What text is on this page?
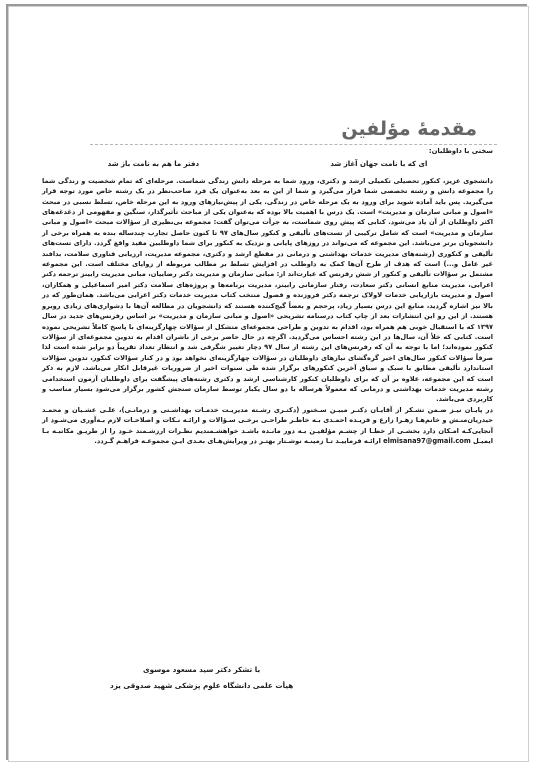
مقدمهٔ مؤلفین
سخنی با داوطلبان:
ای که با نامت جهان آغاز شد
دفتر ما هم به نامت باز شد

دانشجوی عزیز، کنکور تحصیلی تکمیلی ارشد و دکتری، ورود شما به مرحله دانش زندگی شماست. مرحله‌ای که تمام شخصیت و زندگی شما را مجموعه دانش و رشته تخصصی شما قرار می‌گیرد و شما از این به بعد به‌عنوان یک فرد صاحب‌نظر در یک رشته خاص مورد توجه قرار می‌گیرید. پس باید آماده شوید برای ورود به یک مرحله خاص در زندگی. یکی از پیش‌نیازهای ورود به این مرحله خاص، تسلط نسبی در مبحث «اصول و مبانی سازمان و مدیریت» است. یک درس با اهمیت بالا بوده که به‌عنوان یکی از مباحث تأثیرگذار، سنگین و مفهومی از دغدغه‌های اکثر داوطلبان از آن یاد می‌شود. کتابی که پیش روی شماست، به جرأت می‌توان گفت: مجموعه بی‌نظیری از سؤالات مبحث «اصول و مبانی سازمان و مدیریت» است که شامل ترکیبی از تست‌های تألیفی و کنکور سال‌های ۹۷ تا کنون حاصل تجارب چندساله بنده به همراه برخی از دانشجویان برتر می‌باشد. این مجموعه که می‌تواند در روزهای پایانی و نزدیک به کنکور برای شما داوطلبین مفید واقع گردد. دارای تست‌های تألیفی و کنکوری (رشته‌های مدیریت خدمات بهداشتی و درمانی در مقطع ارشد و دکتری، مجموعه مدیریت، ارزیابی فناوری سلامت، بدافند غیر عامل و...) است که هدف از طرح آن‌ها کمک به داوطلب در افزایش تسلط بر مطالب مربوطه از زوایای مختلف است. این مجموعه مشتمل بر سؤالات تألیفی و کنکور از شش رفرنس که عبارت‌اند از: مبانی سازمان و مدیریت دکتر رضاییان، مبانی مدیریت رابینز ترجمه دکتر اعرابی، مدیریت منابع انسانی دکتر سعادت، رفتار سازمانی رابینز، مدیریت برنامه‌ها و پروژه‌های سلامت دکتر امیر اسماعیلی و همکاران، اصول و مدیریت بازاریابی خدمات لاولاک ترجمه دکتر فروزنده و فصول منتخب کتاب مدیریت خدمات دکتر اعرابی می‌باشد. همان‌طور که در بالا نیز اشاره گردید، منابع این درس بسیار زیاد، پرحجم و بعضاً گیج‌کننده هستند که دانشجویان در مطالعه آن‌ها با دشواری‌های زیادی روبرو هستند. از این رو این انتشارات بعد از چاپ کتاب درسنامه تشریحی «اصول و مبانی سازمان و مدیریت» بر اساس رفرنس‌های جدید در سال ۱۳۹۷ که با استقبال خوبی هم همراه بود، اقدام به تدوین و طراحی مجموعه‌ای متشکل از سؤالات چهارگزینه‌ای با پاسخ کاملاً تشریحی نموده است. کتابی که خلأ آن، سال‌ها در این رشته احساس می‌گردید. اگرچه در حال حاضر برخی از ناشران اقدام به تدوین مجموعه‌ای از سؤالات کنکور نموده‌اند؛ اما با توجه به آن که رفرنس‌های این رشته از سال ۹۷ دچار تغییر شگرفی شد و انتظار تعداد تقریباً دو برابر شده است لذا صرفاً سؤالات کنکور سال‌های اخیر گره‌گشای نیازهای داوطلبان در سؤالات چهارگزینه‌ای نخواهد بود و در کنار سؤالات کنکور، تدوین سؤالات استاندارد تألیفی مطابق با سبک و سیاق آخرین کنکورهای برگزار شده طی سنوات اخیر از ضروریات غیرقابل انکار می‌باشد. لازم به ذکر است که این مجموعه، علاوه بر آن که برای داوطلبان کنکور کارشناسی ارشد و دکتری رشته‌های پیشگفت برای داوطلبان آزمون استخدامی رشته مدیریت خدمات بهداشتی و درمانی که معمولاً هرساله با دو سال یکبار توسط سازمان سنجش کشور برگزار می‌شود بسیار مناسب و کاربردی می‌باشد.

در پایـان نیـز ضـمن تشـکر از آقایـان دکتـر مبیـن سـخنور (دکتـری رشـته مدیریـت خدمـات بهداشـتی و درمانـی)، علـی عشـیان و محمـد حیدریان‌منـش و خانم‌هـا زهـرا زارع و فریـده احمـدی بـه خاطـر طراحـی برخـی سـؤالات و ارائـه نـکات و اصلاحـات لازم بـه‌آوری می‌شـود از آنجایی‌کـه امـکان دارد بخشـی از خطـا از چشـم مؤلفیـن بـه دور مانـده باشـد خواهشـمندیم نظـرات ارزشـمند خـود را از طریـق مکاتبـه بـا ایمیـل elmisana97@gmail.com ارائـه فرماییـد تـا زمینـه نوشـتار بهتـر در ویرایش‌هـای بعـدی ایـن مجموعـه فراهـم گـردد.

با تشکر دکتر سید مسعود موسوی
هیأت علمی دانشگاه علوم پزشکی شهید صدوقی یزد
